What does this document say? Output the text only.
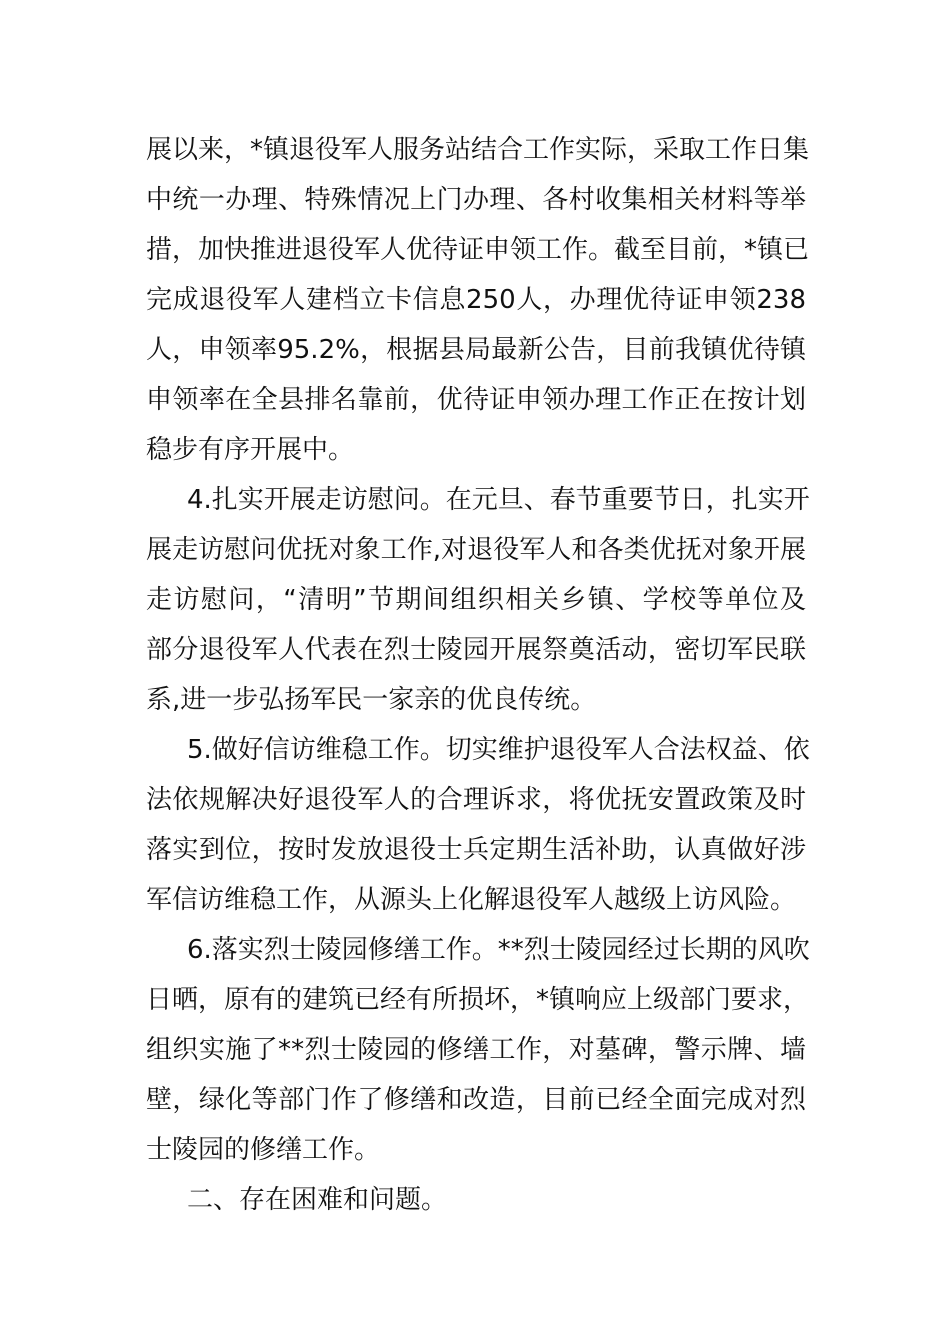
展以来，*镇退役军人服务站结合工作实际，采取工作日集

中统一办理、特殊情况上门办理、各村收集相关材料等举

措，加快推进退役军人优待证申领工作。截至目前，*镇已

完成退役军人建档立卡信息250人，办理优待证申领238

人，申领率95.2%，根据县局最新公告，目前我镇优待镇

申领率在全县排名靠前，优待证申领办理工作正在按计划

稳步有序开展中。

4.扎实开展走访慰问。在元旦、春节重要节日，扎实开

展走访慰问优抚对象工作,对退役军人和各类优抚对象开展

走访慰问，“清明”节期间组织相关乡镇、学校等单位及

部分退役军人代表在烈士陵园开展祭奠活动，密切军民联

系,进一步弘扬军民一家亲的优良传统。

5.做好信访维稳工作。切实维护退役军人合法权益、依

法依规解决好退役军人的合理诉求，将优抚安置政策及时

落实到位，按时发放退役士兵定期生活补助，认真做好涉

军信访维稳工作，从源头上化解退役军人越级上访风险。

6.落实烈士陵园修缮工作。**烈士陵园经过长期的风吹

日晒，原有的建筑已经有所损坏，*镇响应上级部门要求，

组织实施了**烈士陵园的修缮工作，对墓碑，警示牌、墙

壁，绿化等部门作了修缮和改造，目前已经全面完成对烈

士陵园的修缮工作。

二、存在困难和问题。
